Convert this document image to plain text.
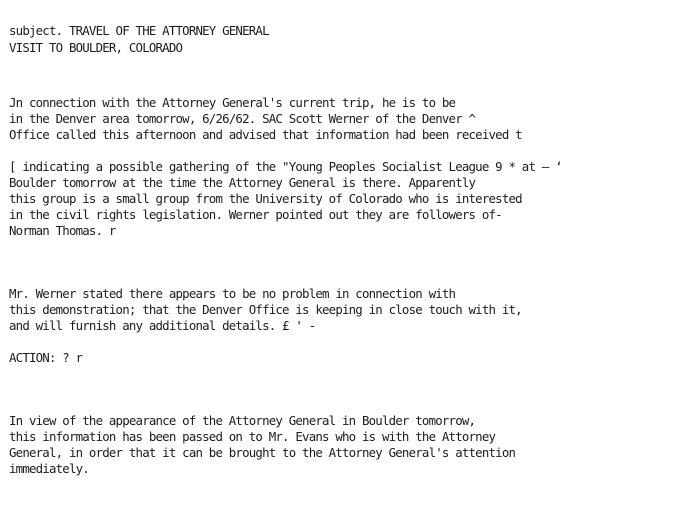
subject. TRAVEL OF THE ATTORNEY GENERAL
VISIT TO BOULDER, COLORADO
Jn connection with the Attorney General's current trip, he is to be
in the Denver area tomorrow, 6/26/62. SAC Scott Werner of the Denver ^
Office called this afternoon and advised that information had been received t
[ indicating a possible gathering of the "Young Peoples Socialist League 9 * at — ‘
Boulder tomorrow at the time the Attorney General is there. Apparently
this group is a small group from the University of Colorado who is interested
in the civil rights legislation. Werner pointed out they are followers of-
Norman Thomas. r
Mr. Werner stated there appears to be no problem in connection with
this demonstration; that the Denver Office is keeping in close touch with it,
and will furnish any additional details. £ ' -
ACTION: ? r
In view of the appearance of the Attorney General in Boulder tomorrow,
this information has been passed on to Mr. Evans who is with the Attorney
General, in order that it can be brought to the Attorney General's attention
immediately.
